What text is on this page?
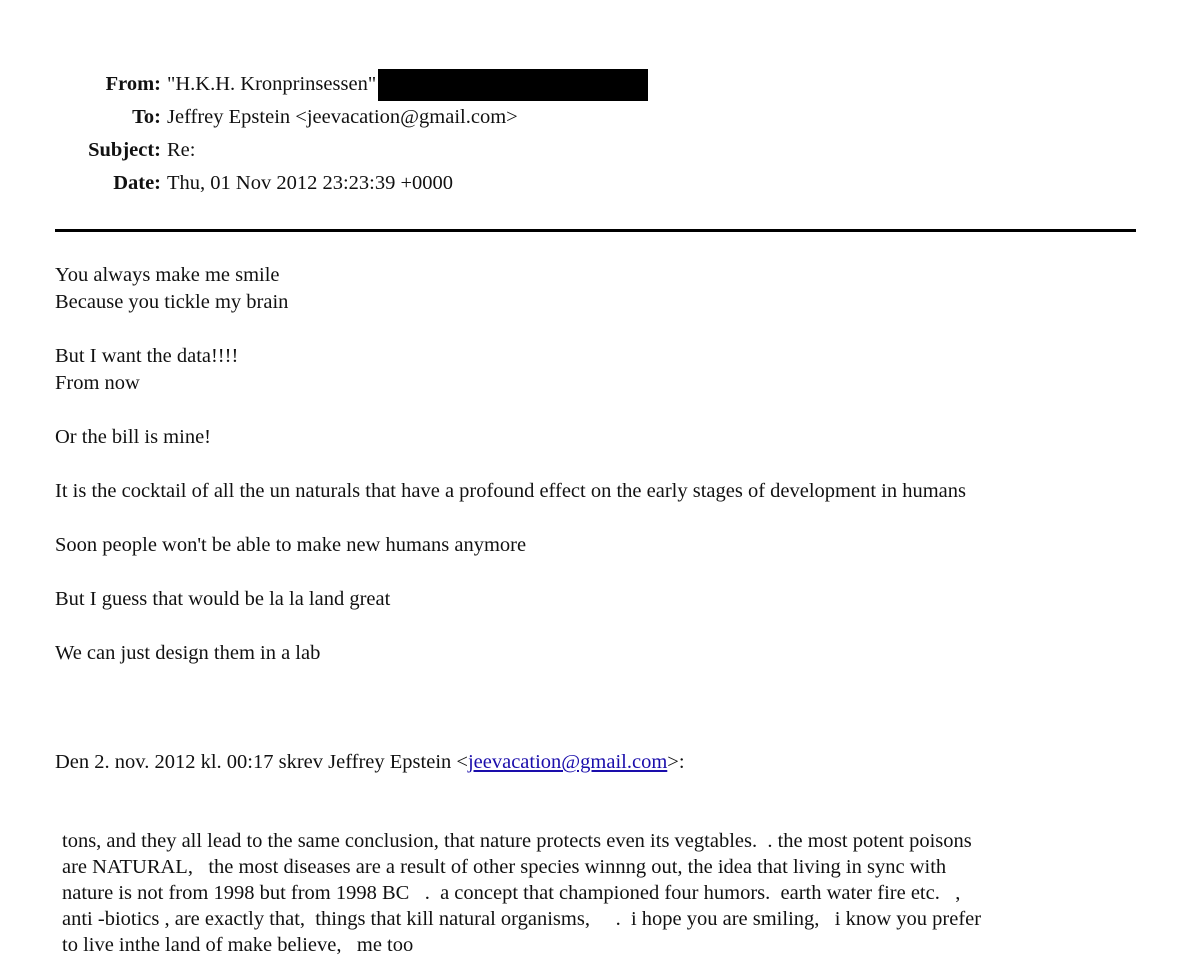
From: "H.K.H. Kronprinsessen"
To: Jeffrey Epstein <jeevacation@gmail.com>
Subject: Re:
Date: Thu, 01 Nov 2012 23:23:39 +0000
You always make me smile
Because you tickle my brain
But I want the data!!!!
From now
Or the bill is mine!
It is the cocktail of all the un naturals that have a profound effect on the early stages of development in humans
Soon people won't be able to make new humans anymore
But I guess that would be la la land great
We can just design them in a lab
Den 2. nov. 2012 kl. 00:17 skrev Jeffrey Epstein <jeevacation@gmail.com>:
tons, and they all lead to the same conclusion, that nature protects even its vegtables.  . the most potent poisons
are NATURAL,   the most diseases are a result of other species winnng out, the idea that living in sync with
nature is not from 1998 but from 1998 BC   .  a concept that championed four humors.  earth water fire etc.   ,
anti -biotics , are exactly that,  things that kill natural organisms,     .  i hope you are smiling,   i know you prefer
to live inthe land of make believe,   me too
